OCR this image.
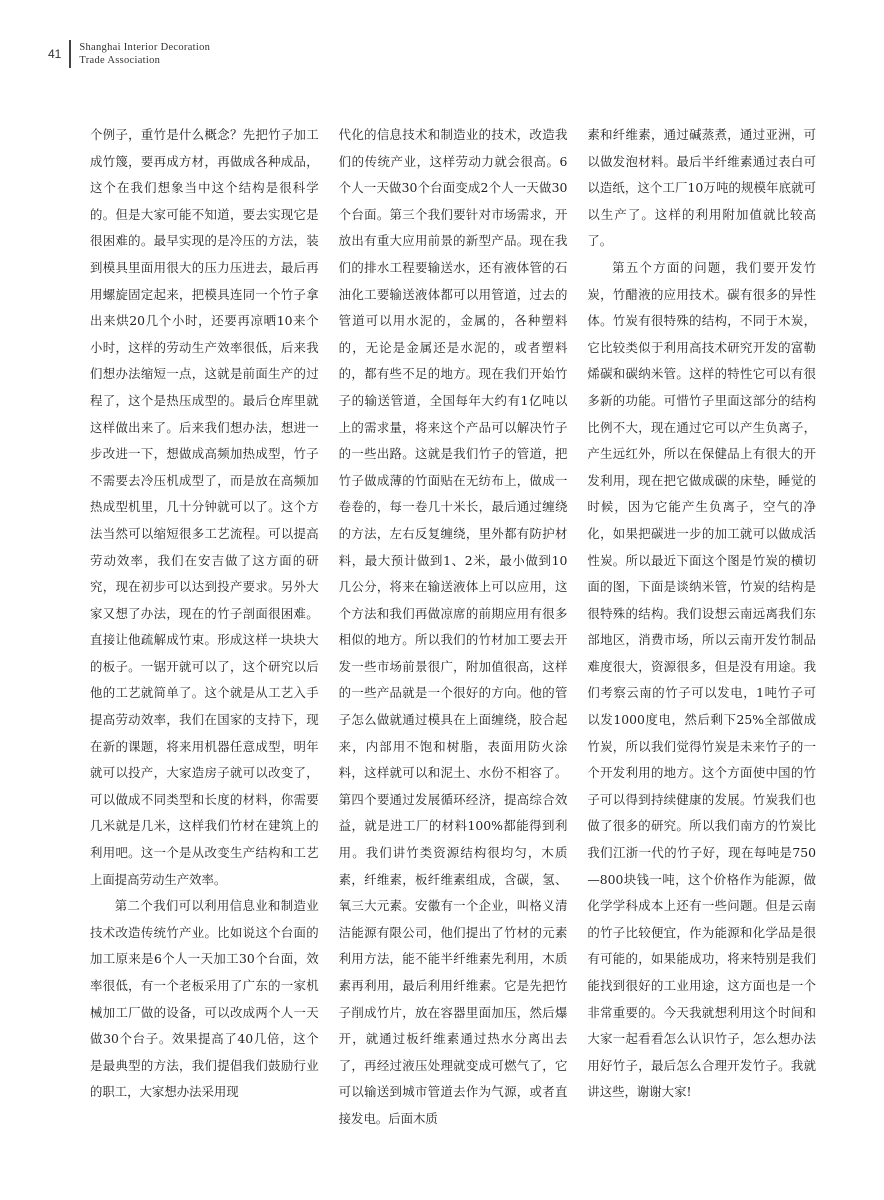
41 Shanghai Interior Decoration
Trade Association

个例子，重竹是什么概念？先把竹子加工成竹篾，要再成方材，再做成各种成品，这个在我们想象当中这个结构是很科学的。但是大家可能不知道，要去实现它是很困难的。最早实现的是冷压的方法，装到模具里面用很大的压力压进去，最后再用螺旋固定起来，把模具连同一个竹子拿出来烘20几个小时，还要再凉晒10来个小时，这样的劳动生产效率很低，后来我们想办法缩短一点，这就是前面生产的过程了，这个是热压成型的。最后仓库里就这样做出来了。后来我们想办法，想进一步改进一下，想做成高频加热成型，竹子不需要去冷压机成型了，而是放在高频加热成型机里，几十分钟就可以了。这个方法当然可以缩短很多工艺流程。可以提高劳动效率，我们在安吉做了这方面的研究，现在初步可以达到投产要求。另外大家又想了办法，现在的竹子剖面很困难。直接让他疏解成竹束。形成这样一块块大的板子。一锯开就可以了，这个研究以后他的工艺就简单了。这个就是从工艺入手提高劳动效率，我们在国家的支持下，现在新的课题，将来用机器任意成型，明年就可以投产，大家造房子就可以改变了，可以做成不同类型和长度的材料，你需要几米就是几米，这样我们竹材在建筑上的利用吧。这一个是从改变生产结构和工艺上面提高劳动生产效率。

第二个我们可以利用信息业和制造业技术改造传统竹产业。比如说这个台面的加工原来是6个人一天加工30个台面，效率很低，有一个老板采用了广东的一家机械加工厂做的设备，可以改成两个人一天做30个台子。效果提高了40几倍，这个是最典型的方法，我们提倡我们鼓励行业的职工，大家想办法采用现

代化的信息技术和制造业的技术，改造我们的传统产业，这样劳动力就会很高。6个人一天做30个台面变成2个人一天做30个台面。第三个我们要针对市场需求，开放出有重大应用前景的新型产品。现在我们的排水工程要输送水，还有液体管的石油化工要输送液体都可以用管道，过去的管道可以用水泥的，金属的，各种塑料的，无论是金属还是水泥的，或者塑料的，都有些不足的地方。现在我们开始竹子的输送管道，全国每年大约有1亿吨以上的需求量，将来这个产品可以解决竹子的一些出路。这就是我们竹子的管道，把竹子做成薄的竹面贴在无纺布上，做成一卷卷的，每一卷几十米长，最后通过缠绕的方法，左右反复缠绕，里外都有防护材料，最大预计做到1、2米，最小做到10几公分，将来在输送液体上可以应用，这个方法和我们再做凉席的前期应用有很多相似的地方。所以我们的竹材加工要去开发一些市场前景很广，附加值很高，这样的一些产品就是一个很好的方向。他的管子怎么做就通过模具在上面缠绕，胶合起来，内部用不饱和树脂，表面用防火涂料，这样就可以和泥土、水份不相容了。第四个要通过发展循环经济，提高综合效益，就是进工厂的材料100%都能得到利用。我们讲竹类资源结构很均匀，木质素，纤维素，板纤维素组成，含碳，氢、氧三大元素。安徽有一个企业，叫格义清洁能源有限公司，他们提出了竹材的元素利用方法，能不能半纤维素先利用，木质素再利用，最后利用纤维素。它是先把竹子削成竹片，放在容器里面加压，然后爆开，就通过板纤维素通过热水分离出去了，再经过液压处理就变成可燃气了，它可以输送到城市管道去作为气源，或者直接发电。后面木质

素和纤维素，通过碱蒸煮，通过亚洲，可以做发泡材料。最后半纤维素通过表白可以造纸，这个工厂10万吨的规模年底就可以生产了。这样的利用附加值就比较高了。

第五个方面的问题，我们要开发竹炭，竹醋液的应用技术。碳有很多的异性体。竹炭有很特殊的结构，不同于木炭，它比较类似于利用高技术研究开发的富勒烯碳和碳纳米管。这样的特性它可以有很多新的功能。可惜竹子里面这部分的结构比例不大，现在通过它可以产生负离子，产生远红外，所以在保健品上有很大的开发利用，现在把它做成碳的床垫，睡觉的时候，因为它能产生负离子，空气的净化，如果把碳进一步的加工就可以做成活性炭。所以最近下面这个图是竹炭的横切面的图，下面是谈纳米管，竹炭的结构是很特殊的结构。我们设想云南远离我们东部地区，消费市场，所以云南开发竹制品难度很大，资源很多，但是没有用途。我们考察云南的竹子可以发电，1吨竹子可以发1000度电，然后剩下25%全部做成竹炭，所以我们觉得竹炭是未来竹子的一个开发利用的地方。这个方面使中国的竹子可以得到持续健康的发展。竹炭我们也做了很多的研究。所以我们南方的竹炭比我们江浙一代的竹子好，现在每吨是750—800块钱一吨，这个价格作为能源，做化学学科成本上还有一些问题。但是云南的竹子比较便宜，作为能源和化学品是很有可能的，如果能成功，将来特别是我们能找到很好的工业用途，这方面也是一个非常重要的。今天我就想利用这个时间和大家一起看看怎么认识竹子，怎么想办法用好竹子，最后怎么合理开发竹子。我就讲这些，谢谢大家!
